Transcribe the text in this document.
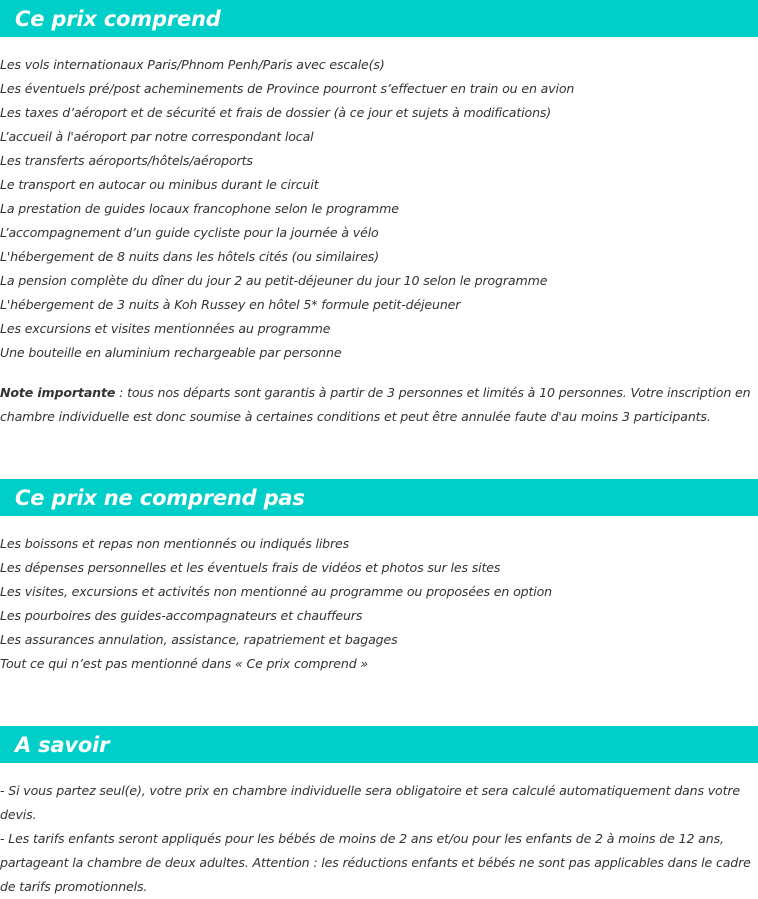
Ce prix comprend
Les vols internationaux Paris/Phnom Penh/Paris avec escale(s)
Les éventuels pré/post acheminements de Province pourront s’effectuer en train ou en avion
Les taxes d’aéroport et de sécurité et frais de dossier (à ce jour et sujets à modifications)
L’accueil à l'aéroport par notre correspondant local
Les transferts aéroports/hôtels/aéroports
Le transport en autocar ou minibus durant le circuit
La prestation de guides locaux francophone selon le programme
L’accompagnement d’un guide cycliste pour la journée à vélo
L'hébergement de 8 nuits dans les hôtels cités (ou similaires)
La pension complète du dîner du jour 2 au petit-déjeuner du jour 10 selon le programme
L'hébergement de 3 nuits à Koh Russey en hôtel 5* formule petit-déjeuner
Les excursions et visites mentionnées au programme
Une bouteille en aluminium rechargeable par personne

Note importante : tous nos départs sont garantis à partir de 3 personnes et limités à 10 personnes. Votre inscription en chambre individuelle est donc soumise à certaines conditions et peut être annulée faute d'au moins 3 participants.

Ce prix ne comprend pas
Les boissons et repas non mentionnés ou indiqués libres
Les dépenses personnelles et les éventuels frais de vidéos et photos sur les sites
Les visites, excursions et activités non mentionné au programme ou proposées en option
Les pourboires des guides-accompagnateurs et chauffeurs
Les assurances annulation, assistance, rapatriement et bagages
Tout ce qui n’est pas mentionné dans « Ce prix comprend »
A savoir

- Si vous partez seul(e), votre prix en chambre individuelle sera obligatoire et sera calculé automatiquement dans votre devis.

- Les tarifs enfants seront appliqués pour les bébés de moins de 2 ans et/ou pour les enfants de 2 à moins de 12 ans, partageant la chambre de deux adultes. Attention : les réductions enfants et bébés ne sont pas applicables dans le cadre de tarifs promotionnels.
